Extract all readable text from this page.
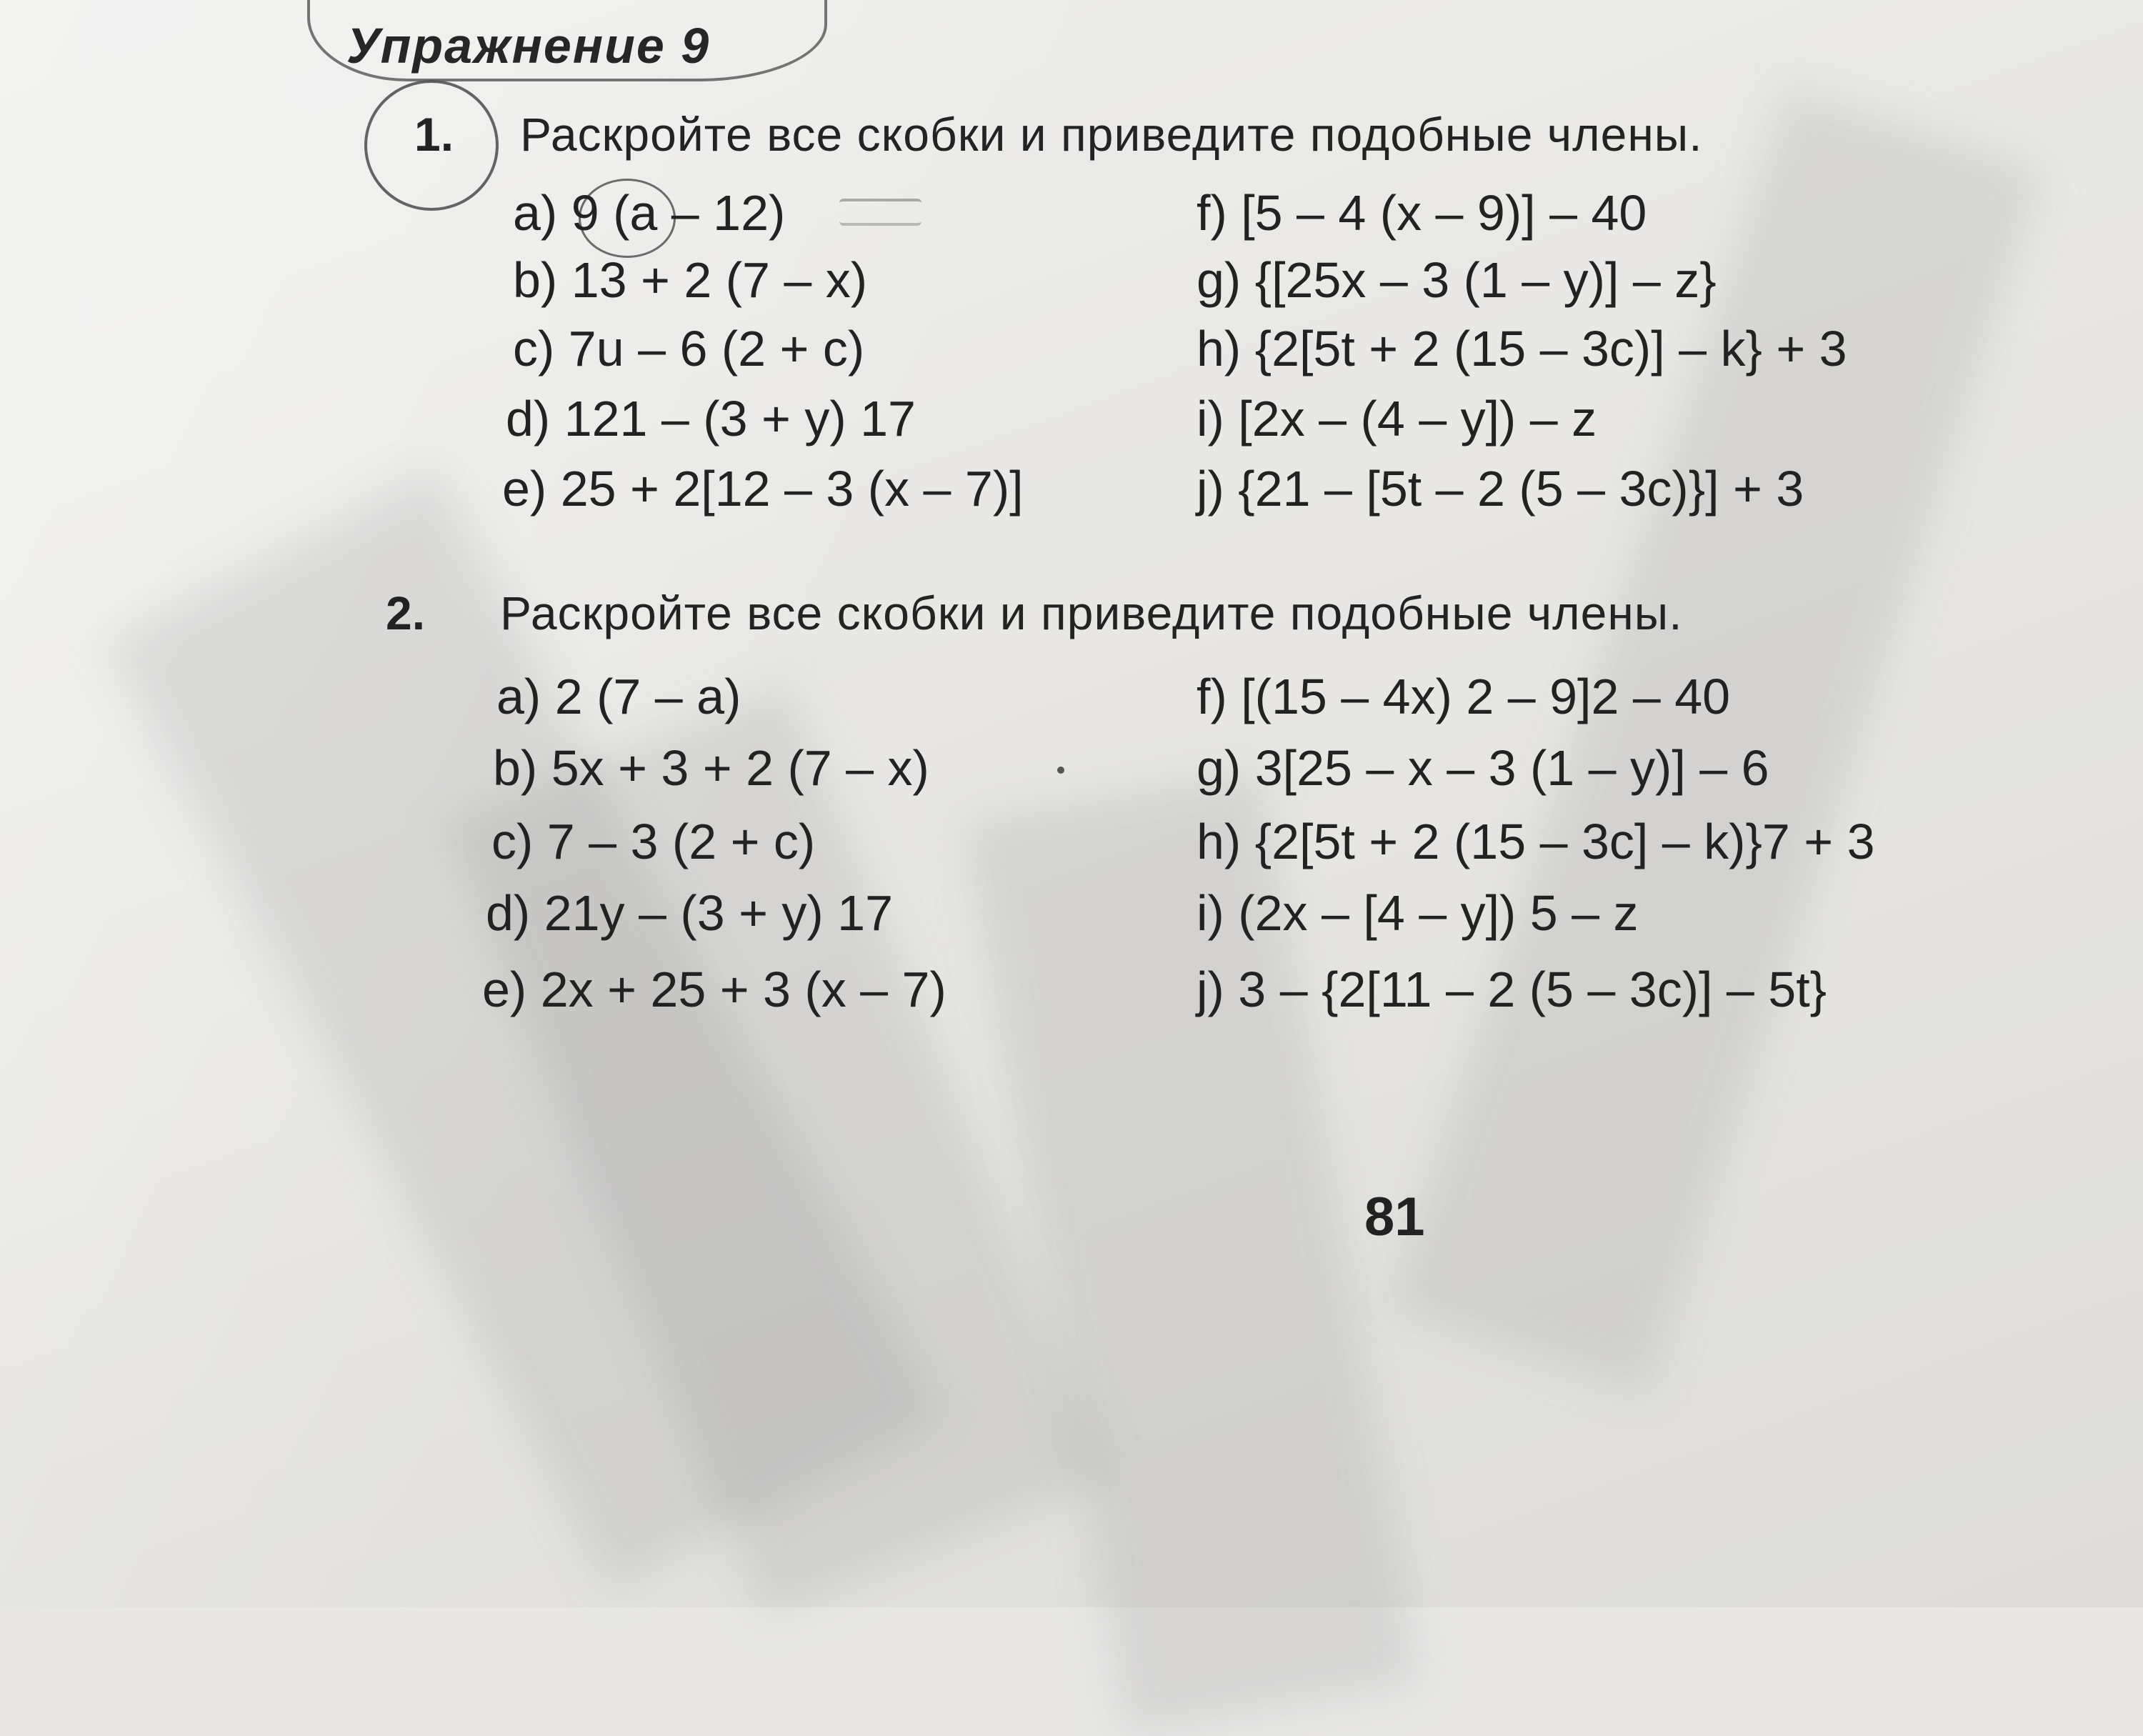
Упражнение 9
1. Раскройте все скобки и приведите подобные члены.
a) 9 (a – 12)
b) 13 + 2 (7 – x)
c) 7u – 6 (2 + c)
d) 121 – (3 + y) 17
e) 25 + 2[12 – 3 (x – 7)]
f) [5 – 4 (x – 9)] – 40
g) {[25x – 3 (1 – y)] – z}
h) {2[5t + 2 (15 – 3c)] – k} + 3
i) [2x – (4 – y]) – z
j) {21 – [5t – 2 (5 – 3c)}] + 3
2. Раскройте все скобки и приведите подобные члены.
a) 2 (7 – a)
b) 5x + 3 + 2 (7 – x)
c) 7 – 3 (2 + c)
d) 21y – (3 + y) 17
e) 2x + 25 + 3 (x – 7)
f) [(15 – 4x) 2 – 9]2 – 40
g) 3[25 – x – 3 (1 – y)] – 6
h) {2[5t + 2 (15 – 3c] – k)}7 + 3
i) (2x – [4 – y]) 5 – z
j) 3 – {2[11 – 2 (5 – 3c)] – 5t}
81
